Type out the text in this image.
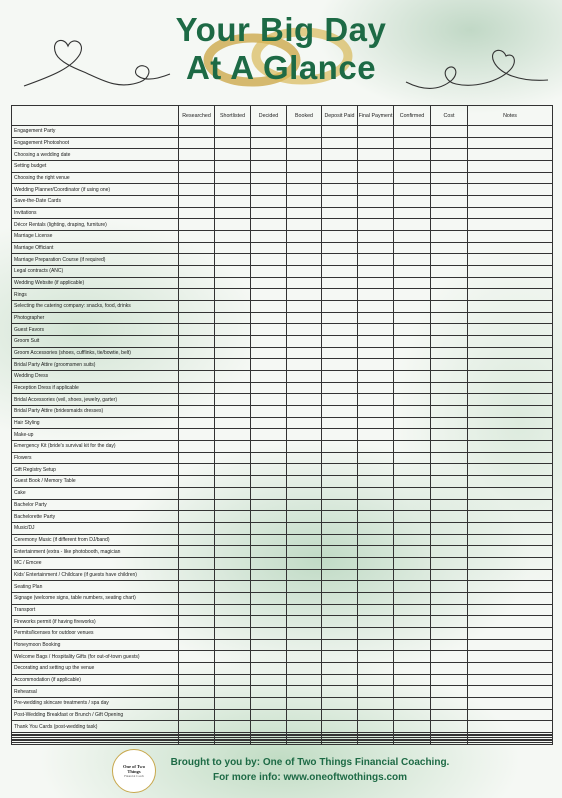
Your Big Day
At A Glance
	Researched	Shortlisted	Decided	Booked	Deposit Paid	Final Payment	Confirmed	Cost	Notes
Engagement Party									
Engagement Photoshoot									
Choosing a wedding date									
Setting budget									
Choosing the right venue									
Wedding Planner/Coordinator (if using one)									
Save-the-Date Cards									
Invitations									
Décor Rentals (lighting, draping, furniture)									
Marriage License									
Marriage Officiant									
Marriage Preparation Course (if required)									
Legal contracts (ANC)									
Wedding Website (if applicable)									
Rings									
Selecting the catering company: snacks, food, drinks									
Photographer									
Guest Favors									
Groom Suit									
Groom Accessories (shoes, cufflinks, tie/bowtie, belt)									
Bridal Party Attire (groomsmen suits)									
Wedding Dress									
Reception Dress if applicable									
Bridal Accessories (veil, shoes, jewelry, garter)									
Bridal Party Attire (bridesmaids dresses)									
Hair Styling									
Make-up									
Emergency Kit (bride's survival kit for the day)									
Flowers									
Gift Registry Setup									
Guest Book / Memory Table									
Cake									
Bachelor Party									
Bachelorette Party									
Music/DJ									
Ceremony Music (if different from DJ/band)									
Entertainment (extra - like photobooth, magician									
MC / Emcee									
Kids' Entertainment / Childcare (if guests have children)									
Seating Plan									
Signage (welcome signs, table numbers, seating chart)									
Transport									
Fireworks permit (if having fireworks)									
Permits/licenses for outdoor venues									
Honeymoon Booking									
Welcome Bags / Hospitality Gifts (for out-of-town guests)									
Decorating and setting up the venue									
Accommodation (if applicable)									
Rehearsal									
Pre-wedding skincare treatments / spa day									
Post-Wedding Breakfast or Brunch / Gift Opening									
Thank You Cards (post-wedding task)									

One of Two Things
Financial Coach
Brought to you by: One of Two Things Financial Coaching.
For more info: www.oneoftwothings.com
